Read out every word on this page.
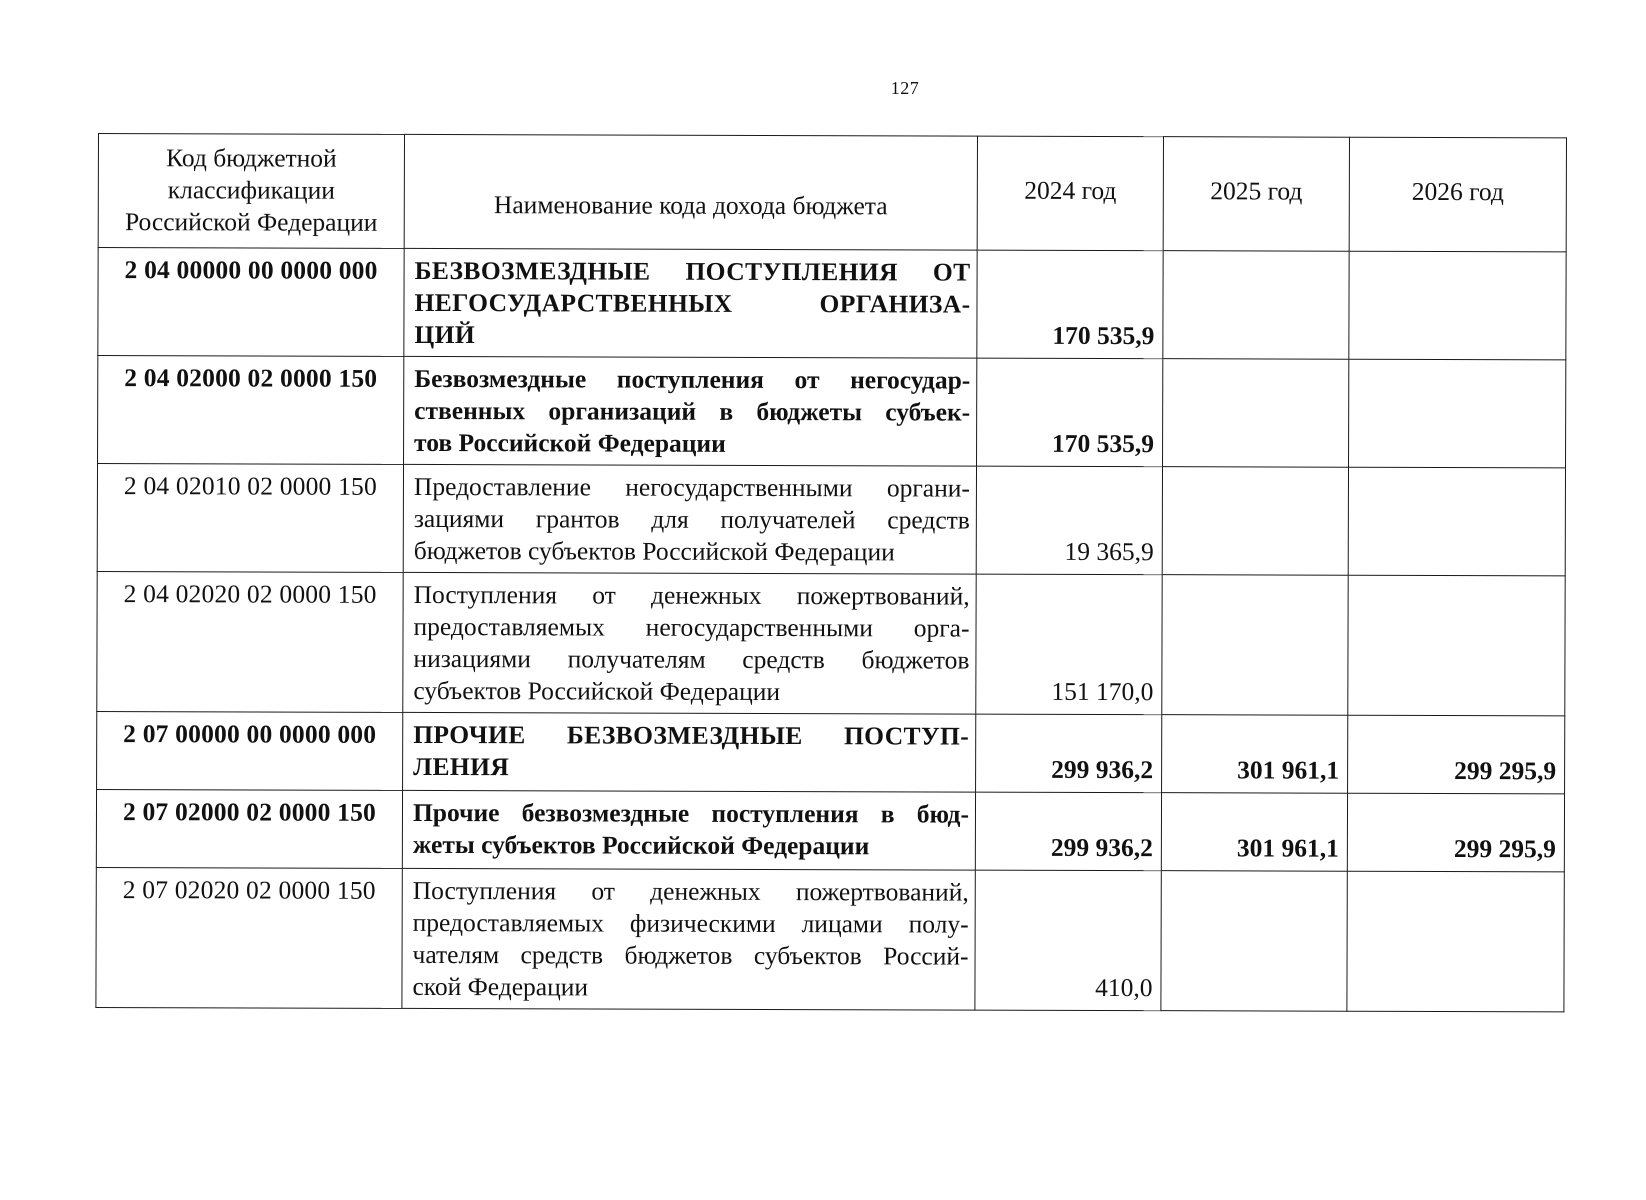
127
Код бюджетной классификации Российской Федерации	Наименование кода дохода бюджета	2024 год	2025 год	2026 год
2 04 00000 00 0000 000	БЕЗВОЗМЕЗДНЫЕ ПОСТУПЛЕНИЯ ОТ
НЕГОСУДАРСТВЕННЫХ ОРГАНИЗА-
ЦИЙ	170 535,9		
2 04 02000 02 0000 150	Безвозмездные поступления от негосудар-
ственных организаций в бюджеты субъек-
тов Российской Федерации	170 535,9		
2 04 02010 02 0000 150	Предоставление негосударственными органи-
зациями грантов для получателей средств
бюджетов субъектов Российской Федерации	19 365,9		
2 04 02020 02 0000 150	Поступления от денежных пожертвований,
предоставляемых негосударственными орга-
низациями получателям средств бюджетов
субъектов Российской Федерации	151 170,0		
2 07 00000 00 0000 000	ПРОЧИЕ БЕЗВОЗМЕЗДНЫЕ ПОСТУП-
ЛЕНИЯ	299 936,2	301 961,1	299 295,9
2 07 02000 02 0000 150	Прочие безвозмездные поступления в бюд-
жеты субъектов Российской Федерации	299 936,2	301 961,1	299 295,9
2 07 02020 02 0000 150	Поступления от денежных пожертвований,
предоставляемых физическими лицами полу-
чателям средств бюджетов субъектов Россий-
ской Федерации	410,0		
